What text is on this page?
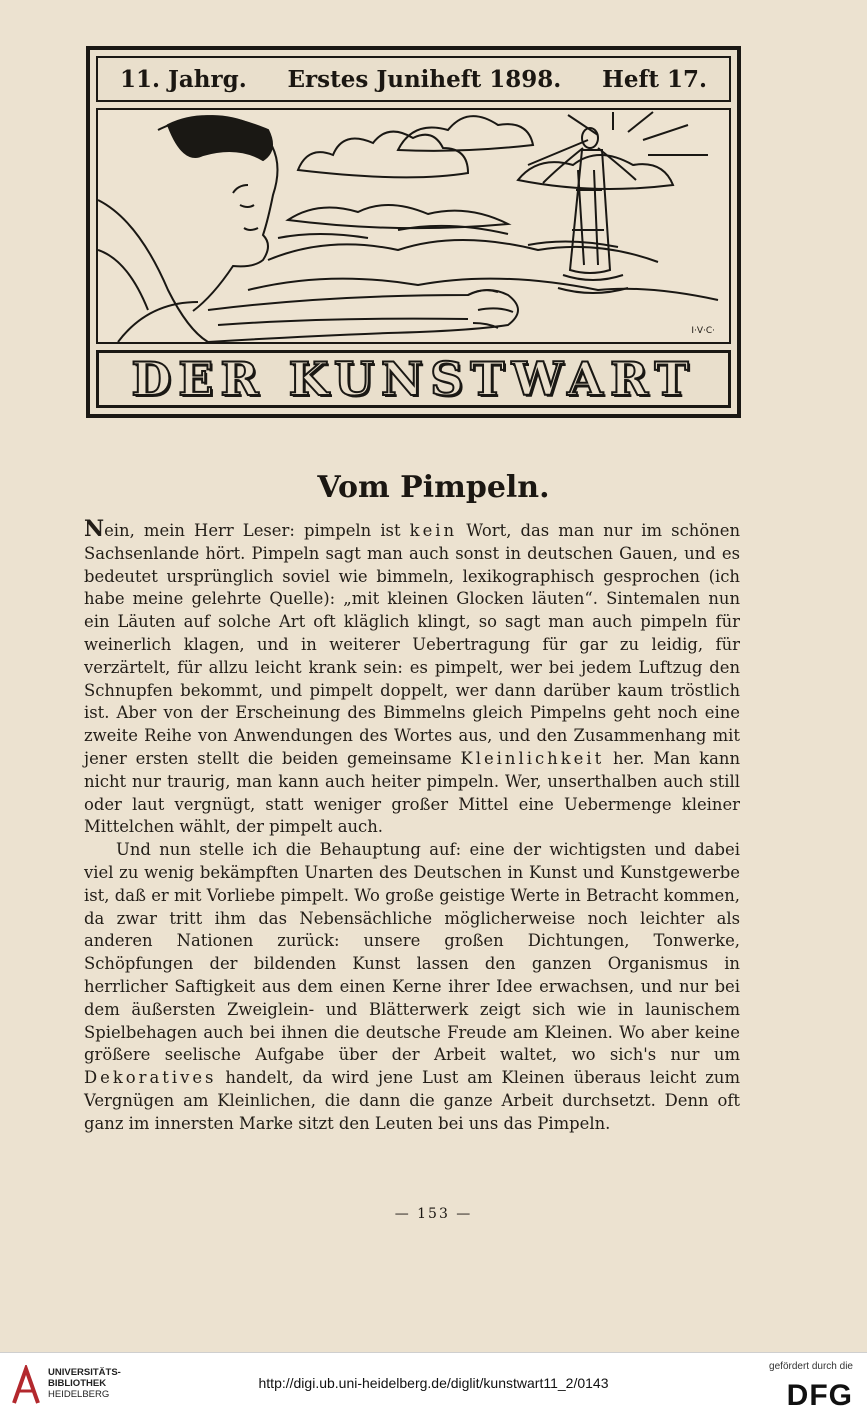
11. Jahrg. Erstes Juniheft 1898. Heft 17.
I·V·C·
DER KUNSTWART
Vom Pimpeln.

Nein, mein Herr Leser: pimpeln ist kein Wort, das man nur im schönen Sachsenlande hört. Pimpeln sagt man auch sonst in deutschen Gauen, und es bedeutet ursprünglich soviel wie bimmeln, lexikographisch gesprochen (ich habe meine gelehrte Quelle): „mit kleinen Glocken läuten“. Sintemalen nun ein Läuten auf solche Art oft kläglich klingt, so sagt man auch pimpeln für weinerlich klagen, und in weiterer Uebertragung für gar zu leidig, für verzärtelt, für allzu leicht krank sein: es pimpelt, wer bei jedem Luftzug den Schnupfen bekommt, und pimpelt doppelt, wer dann darüber kaum tröstlich ist. Aber von der Erscheinung des Bimmelns gleich Pimpelns geht noch eine zweite Reihe von Anwendungen des Wortes aus, und den Zusammenhang mit jener ersten stellt die beiden gemeinsame Kleinlichkeit her. Man kann nicht nur traurig, man kann auch heiter pimpeln. Wer, unserthalben auch still oder laut vergnügt, statt weniger großer Mittel eine Uebermenge kleiner Mittelchen wählt, der pimpelt auch.

Und nun stelle ich die Behauptung auf: eine der wichtigsten und dabei viel zu wenig bekämpften Unarten des Deutschen in Kunst und Kunstgewerbe ist, daß er mit Vorliebe pimpelt. Wo große geistige Werte in Betracht kommen, da zwar tritt ihm das Nebensächliche möglicherweise noch leichter als anderen Nationen zurück: unsere großen Dichtungen, Tonwerke, Schöpfungen der bildenden Kunst lassen den ganzen Organismus in herrlicher Saftigkeit aus dem einen Kerne ihrer Idee erwachsen, und nur bei dem äußersten Zweiglein- und Blätterwerk zeigt sich wie in launischem Spielbehagen auch bei ihnen die deutsche Freude am Kleinen. Wo aber keine größere seelische Aufgabe über der Arbeit waltet, wo sich's nur um Dekoratives handelt, da wird jene Lust am Kleinen überaus leicht zum Vergnügen am Kleinlichen, die dann die ganze Arbeit durchsetzt. Denn oft ganz im innersten Marke sitzt den Leuten bei uns das Pimpeln.

— 153 —
UNIVERSITÄTS-
BIBLIOTHEK
HEIDELBERG
http://digi.ub.uni-heidelberg.de/diglit/kunstwart11_2/0143
gefördert durch die
DFG
